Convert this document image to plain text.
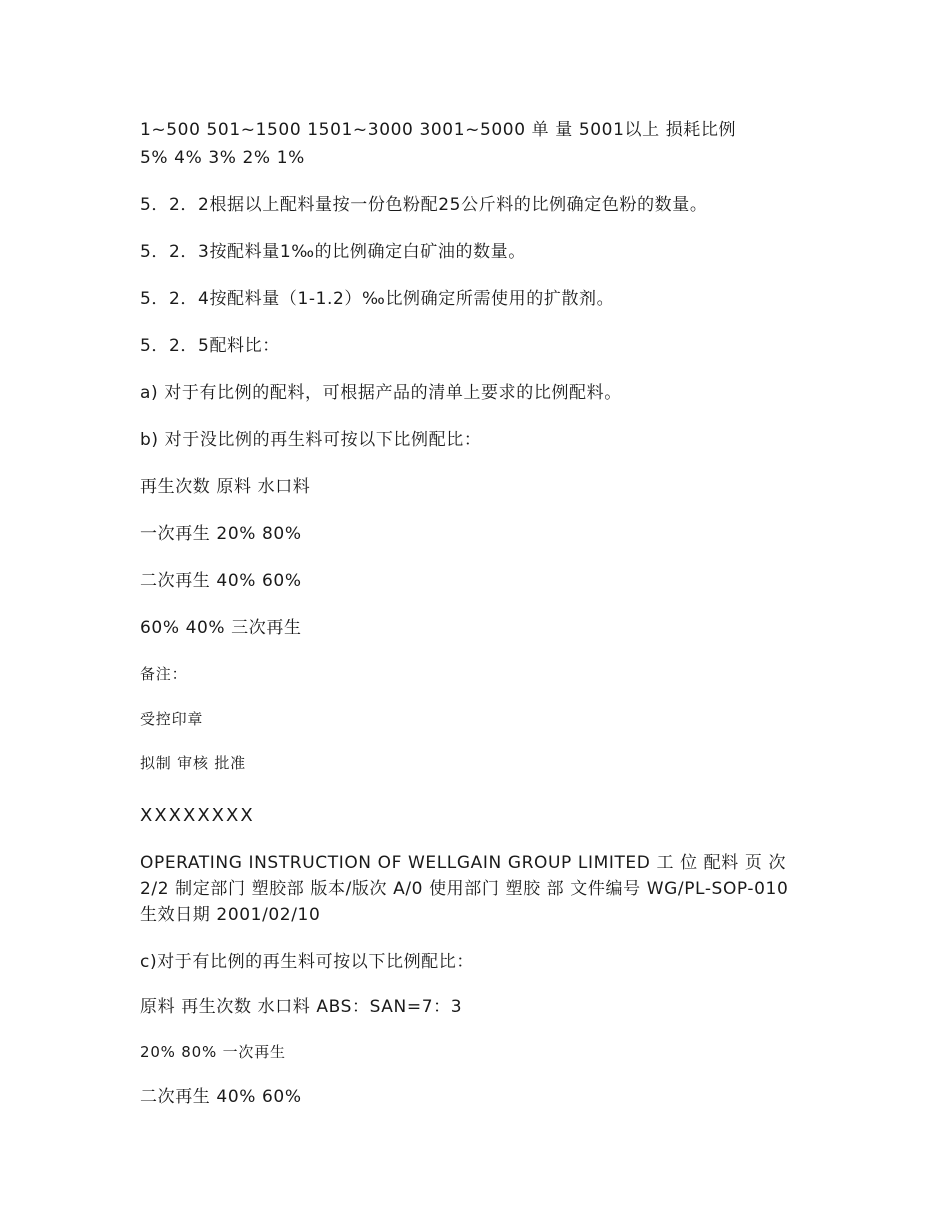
1~500 501~1500 1501~3000 3001~5000 单 量 5001以上 损耗比例

5% 4% 3% 2% 1%

5．2．2根据以上配料量按一份色粉配25公斤料的比例确定色粉的数量。

5．2．3按配料量1‰的比例确定白矿油的数量。

5．2．4按配料量（1-1.2）‰比例确定所需使用的扩散剂。

5．2．5配料比：

a) 对于有比例的配料，可根据产品的清单上要求的比例配料。

b) 对于没比例的再生料可按以下比例配比：

再生次数 原料 水口料

一次再生 20% 80%

二次再生 40% 60%

60% 40% 三次再生

备注：

受控印章

拟制 审核 批准

XXXXXXXX

OPERATING INSTRUCTION OF WELLGAIN GROUP LIMITED 工 位 配料 页 次 2/2 制定部门 塑胶部 版本/版次 A/0 使用部门 塑胶 部 文件编号 WG/PL-SOP-010 生效日期 2001/02/10

c)对于有比例的再生料可按以下比例配比：

原料 再生次数 水口料 ABS：SAN=7：3

20% 80% 一次再生

二次再生 40% 60%
